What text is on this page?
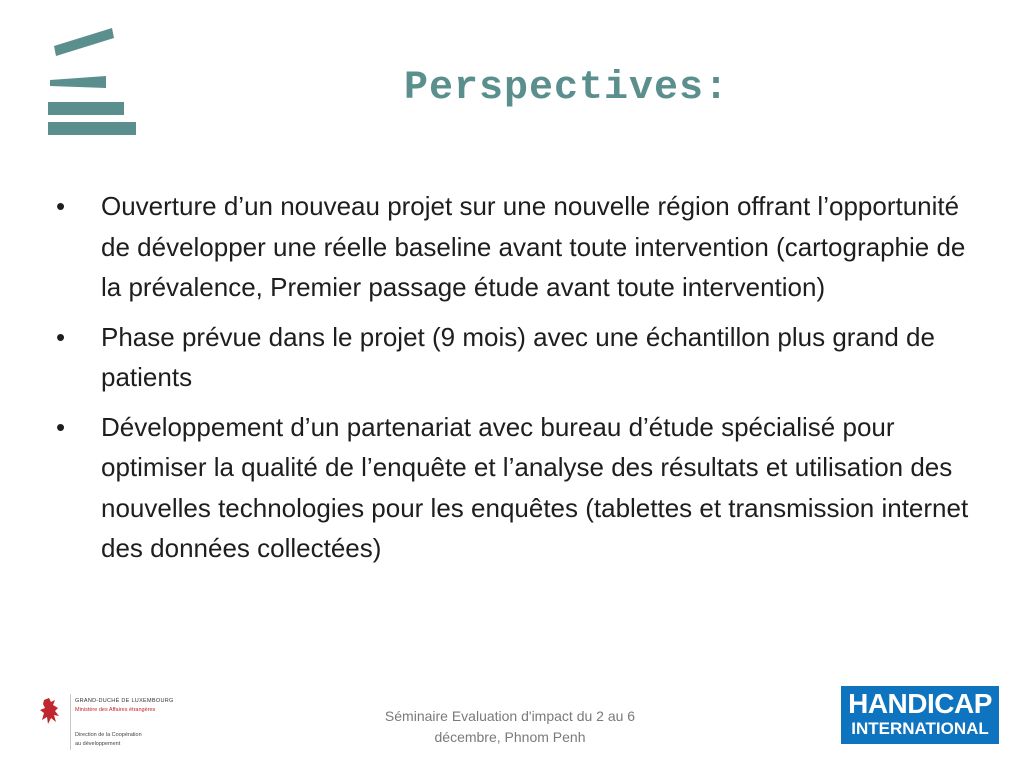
Perspectives:
• Ouverture d’un nouveau projet sur une nouvelle région offrant l’opportunité de développer une réelle baseline avant toute intervention (cartographie de la prévalence, Premier passage étude avant toute intervention)
• Phase prévue dans le projet (9 mois) avec une échantillon plus grand de patients
• Développement d’un partenariat avec bureau d’étude spécialisé pour optimiser la qualité de l’enquête et l’analyse des résultats et utilisation des nouvelles technologies pour les enquêtes (tablettes et transmission internet des données collectées)
GRAND-DUCHÉ DE LUXEMBOURG
Ministère des Affaires étrangères
Direction de la Coopération
au développement
Séminaire Evaluation d'impact du 2 au 6
décembre, Phnom Penh
HANDICAP
INTERNATIONAL
